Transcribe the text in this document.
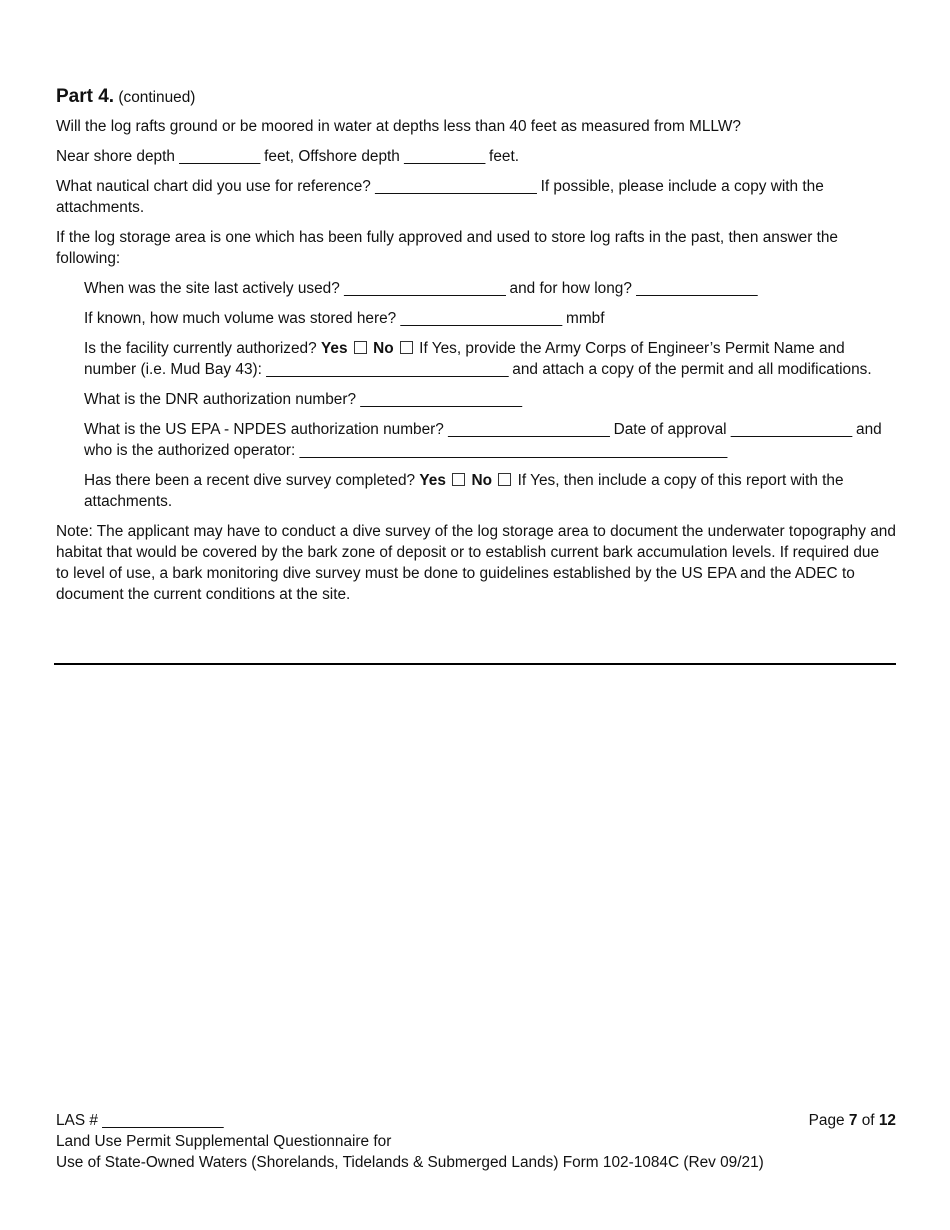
Part 4. (continued)

Will the log rafts ground or be moored in water at depths less than 40 feet as measured from MLLW?

Near shore depth __________ feet, Offshore depth __________ feet.

What nautical chart did you use for reference? ____________________ If possible, please include a copy with the attachments.

If the log storage area is one which has been fully approved and used to store log rafts in the past, then answer the following:

When was the site last actively used? ____________________ and for how long? _______________

If known, how much volume was stored here? ____________________ mmbf

Is the facility currently authorized? Yes No If Yes, provide the Army Corps of Engineer’s Permit Name and number (i.e. Mud Bay 43): ______________________________ and attach a copy of the permit and all modifications.

What is the DNR authorization number? ____________________

What is the US EPA - NPDES authorization number? ____________________ Date of approval _______________ and who is the authorized operator: _____________________________________________________

Has there been a recent dive survey completed? Yes No If Yes, then include a copy of this report with the attachments.

Note: The applicant may have to conduct a dive survey of the log storage area to document the underwater topography and habitat that would be covered by the bark zone of deposit or to establish current bark accumulation levels. If required due to level of use, a bark monitoring dive survey must be done to guidelines established by the US EPA and the ADEC to document the current conditions at the site.

LAS # _______________	Page 7 of 12
Land Use Permit Supplemental Questionnaire for
Use of State-Owned Waters (Shorelands, Tidelands & Submerged Lands) Form 102-1084C (Rev 09/21)
